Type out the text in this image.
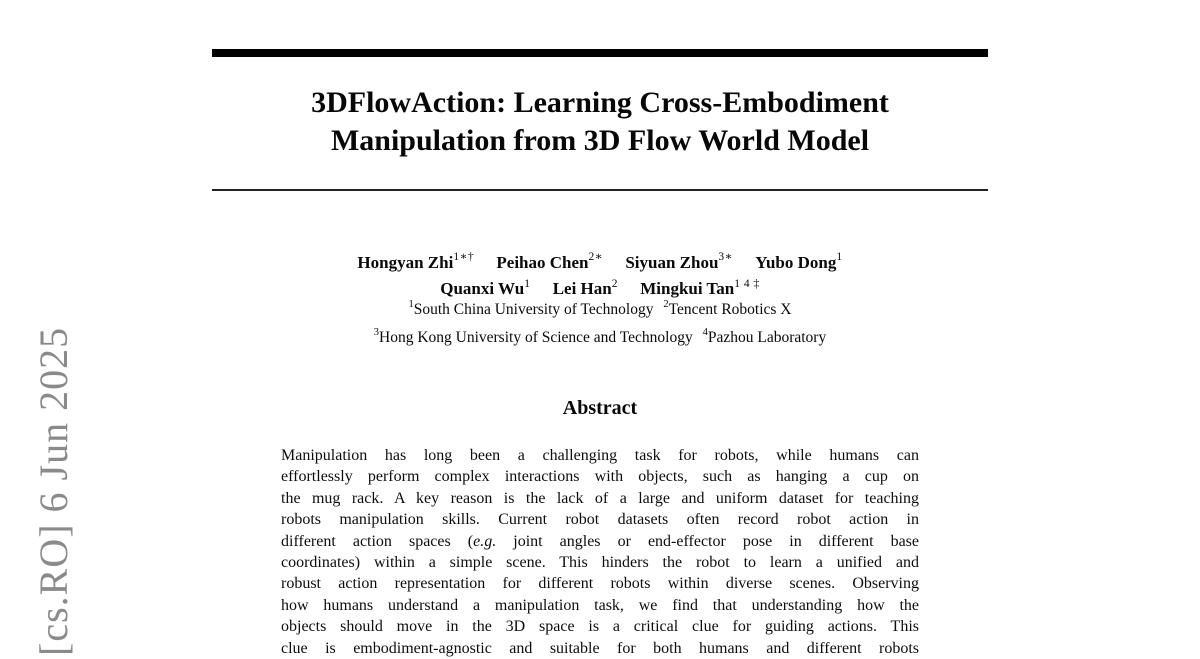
[cs.RO] 6 Jun 2025
3DFlowAction: Learning Cross-Embodiment
Manipulation from 3D Flow World Model
Hongyan Zhi$^{1∗\dagger}$ Peihao Chen$^{2∗}$ Siyuan Zhou$^{3∗}$ Yubo Dong$^1$
Quanxi Wu$^1$ Lei Han$^2$ Mingkui Tan$^{1 4 \ddagger}$
$^1$South China University of Technology $^2$Tencent Robotics X
$^3$Hong Kong University of Science and Technology $^4$Pazhou Laboratory
Abstract
Manipulation has long been a challenging task for robots, while humans can
effortlessly perform complex interactions with objects, such as hanging a cup on
the mug rack. A key reason is the lack of a large and uniform dataset for teaching
robots manipulation skills. Current robot datasets often record robot action in
different action spaces (e.g. joint angles or end-effector pose in different base
coordinates) within a simple scene. This hinders the robot to learn a unified and
robust action representation for different robots within diverse scenes. Observing
how humans understand a manipulation task, we find that understanding how the
objects should move in the 3D space is a critical clue for guiding actions. This
clue is embodiment-agnostic and suitable for both humans and different robots
